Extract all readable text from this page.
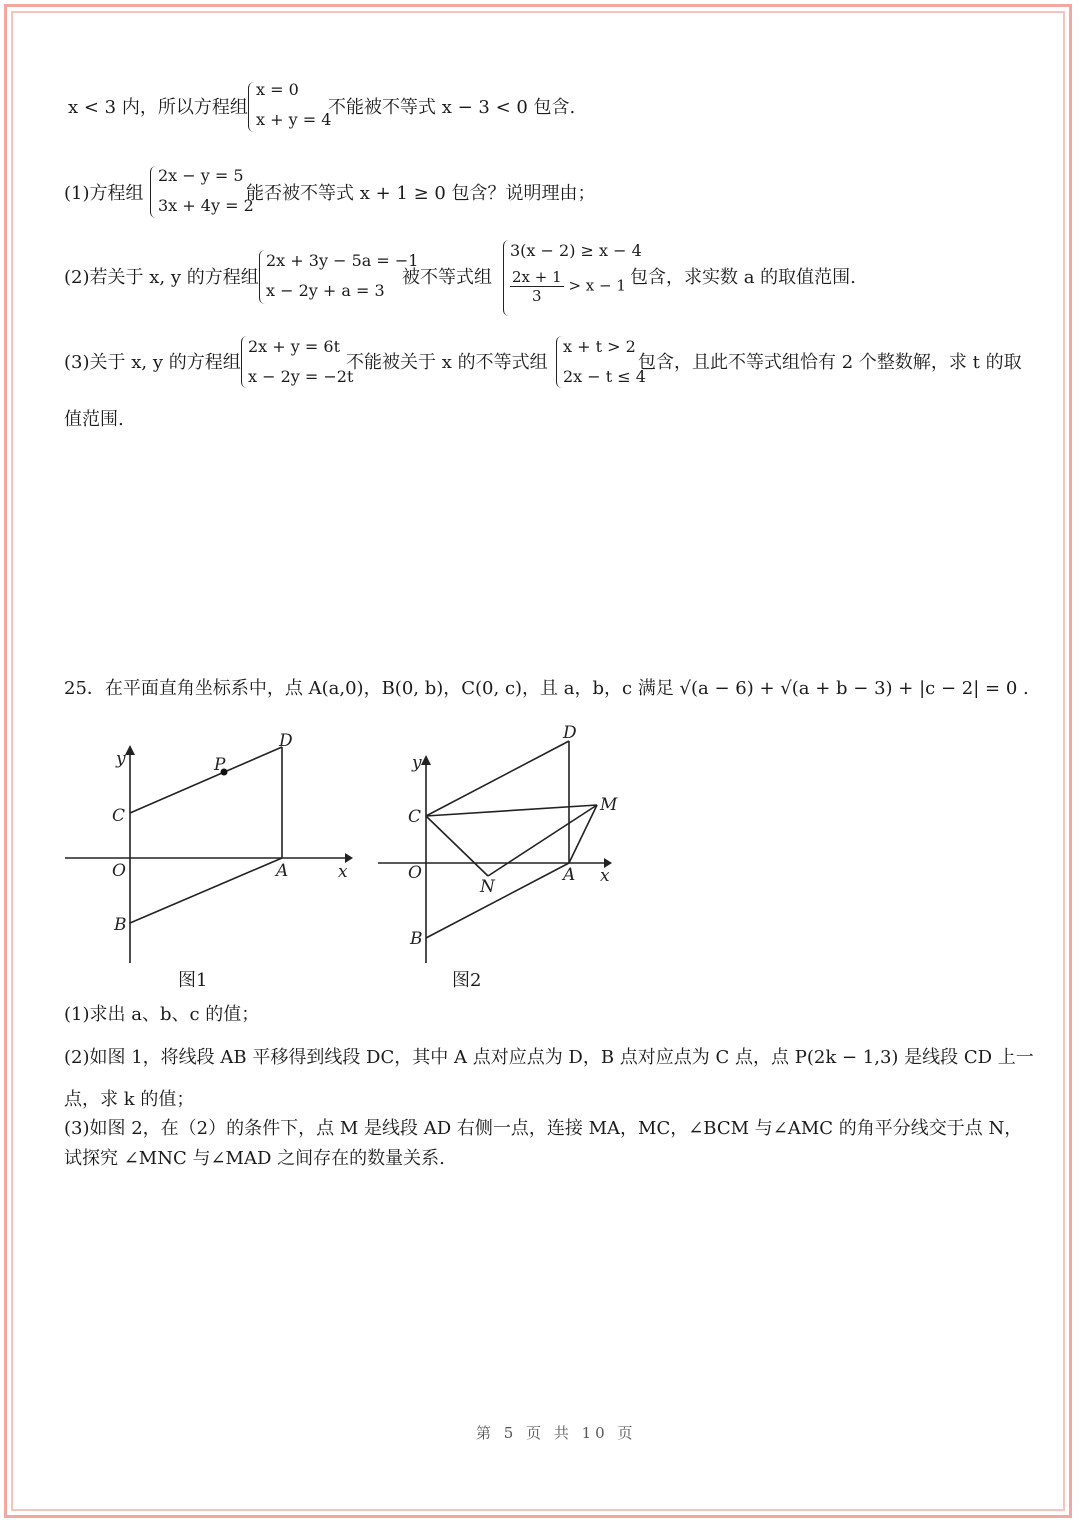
x < 3 内，所以方程组
x = 0
x + y = 4
不能被不等式 x − 3 < 0 包含.
(1)方程组
2x − y = 5
3x + 4y = 2
能否被不等式 x + 1 ≥ 0 包含？说明理由；
(2)若关于 x, y 的方程组
2x + 3y − 5a = −1
x − 2y + a = 3
被不等式组
3(x − 2) ≥ x − 4
$\frac{2x + 1}{3} > x - 1$ 包含，求实数 a 的取值范围.
(3)关于 x, y 的方程组
2x + y = 6t
x − 2y = −2t
不能被关于 x 的不等式组
x + t > 2
2x − t ≤ 4
包含，且此不等式组恰有 2 个整数解，求 t 的取
值范围.
25．在平面直角坐标系中，点 A(a,0)，B(0, b)，C(0, c)，且 a，b，c 满足 √(a − 6) + √(a + b − 3) + |c − 2| = 0 .
y
x
O	A
B
C
D
P
图1
y
x
O	A
B
C
D
M
N
图2
(1)求出 a、b、c 的值；
(2)如图 1，将线段 AB 平移得到线段 DC，其中 A 点对应点为 D，B 点对应点为 C 点，点 P(2k − 1,3) 是线段 CD 上一
点，求 k 的值；
(3)如图 2，在（2）的条件下，点 M 是线段 AD 右侧一点，连接 MA，MC，∠BCM 与∠AMC 的角平分线交于点 N，
试探究 ∠MNC 与∠MAD 之间存在的数量关系.
第 5 页 共 10 页
